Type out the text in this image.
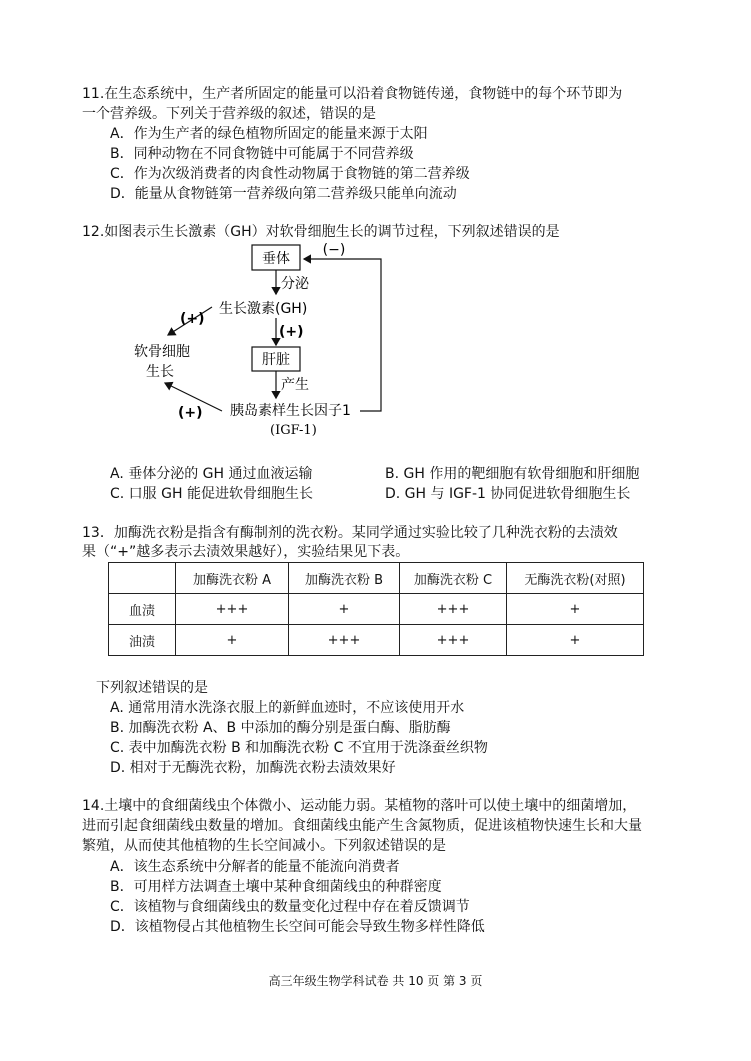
11.在生态系统中，生产者所固定的能量可以沿着食物链传递，食物链中的每个环节即为
一个营养级。下列关于营养级的叙述，错误的是
A．作为生产者的绿色植物所固定的能量来源于太阳
B．同种动物在不同食物链中可能属于不同营养级
C．作为次级消费者的肉食性动物属于食物链的第二营养级
D．能量从食物链第一营养级向第二营养级只能单向流动
12.如图表示生长激素（GH）对软骨细胞生长的调节过程，下列叙述错误的是
垂体
(−)
分泌
生长激素(GH)
(+)
(+)
肝脏
产生
胰岛素样生长因子1
(IGF-1)
(+)
软骨细胞
生长
A. 垂体分泌的 GH 通过血液运输	B. GH 作用的靶细胞有软骨细胞和肝细胞
C. 口服 GH 能促进软骨细胞生长	D. GH 与 IGF-1 协同促进软骨细胞生长
13．加酶洗衣粉是指含有酶制剂的洗衣粉。某同学通过实验比较了几种洗衣粉的去渍效
果（“+”越多表示去渍效果越好），实验结果见下表。
	加酶洗衣粉 A	加酶洗衣粉 B	加酶洗衣粉 C	无酶洗衣粉(对照)
血渍	+++	+	+++	+
油渍	+	+++	+++	+
下列叙述错误的是
A. 通常用清水洗涤衣服上的新鲜血迹时，不应该使用开水
B. 加酶洗衣粉 A、B 中添加的酶分别是蛋白酶、脂肪酶
C. 表中加酶洗衣粉 B 和加酶洗衣粉 C 不宜用于洗涤蚕丝织物
D. 相对于无酶洗衣粉，加酶洗衣粉去渍效果好
14.土壤中的食细菌线虫个体微小、运动能力弱。某植物的落叶可以使土壤中的细菌增加，
进而引起食细菌线虫数量的增加。食细菌线虫能产生含氮物质，促进该植物快速生长和大量
繁殖，从而使其他植物的生长空间减小。下列叙述错误的是
A．该生态系统中分解者的能量不能流向消费者
B．可用样方法调查土壤中某种食细菌线虫的种群密度
C．该植物与食细菌线虫的数量变化过程中存在着反馈调节
D．该植物侵占其他植物生长空间可能会导致生物多样性降低
高三年级生物学科试卷 共 10 页 第 3 页
